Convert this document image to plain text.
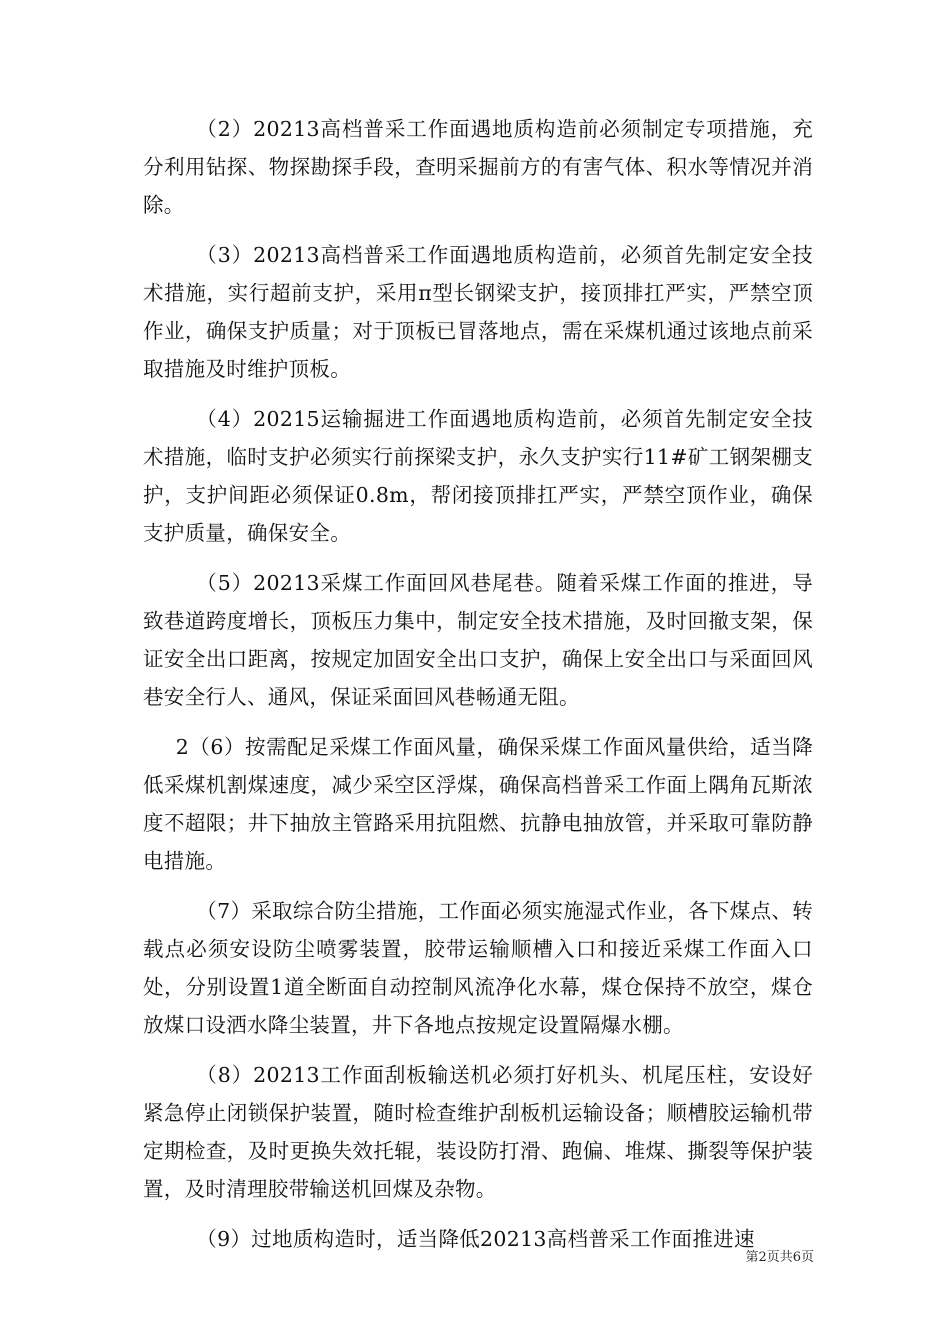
（2）20213高档普采工作面遇地质构造前必须制定专项措施，充分利用钻探、物探勘探手段，查明采掘前方的有害气体、积水等情况并消除。

（3）20213高档普采工作面遇地质构造前，必须首先制定安全技术措施，实行超前支护，采用π型长钢梁支护，接顶排扛严实，严禁空顶作业，确保支护质量；对于顶板已冒落地点，需在采煤机通过该地点前采取措施及时维护顶板。

（4）20215运输掘进工作面遇地质构造前，必须首先制定安全技术措施，临时支护必须实行前探梁支护，永久支护实行11#矿工钢架棚支护，支护间距必须保证0.8m，帮闭接顶排扛严实，严禁空顶作业，确保支护质量，确保安全。

（5）20213采煤工作面回风巷尾巷。随着采煤工作面的推进，导致巷道跨度增长，顶板压力集中，制定安全技术措施，及时回撤支架，保证安全出口距离，按规定加固安全出口支护，确保上安全出口与采面回风巷安全行人、通风，保证采面回风巷畅通无阻。

2（6）按需配足采煤工作面风量，确保采煤工作面风量供给，适当降低采煤机割煤速度，减少采空区浮煤，确保高档普采工作面上隅角瓦斯浓度不超限；井下抽放主管路采用抗阻燃、抗静电抽放管，并采取可靠防静电措施。

（7）采取综合防尘措施，工作面必须实施湿式作业，各下煤点、转载点必须安设防尘喷雾装置，胶带运输顺槽入口和接近采煤工作面入口处，分别设置1道全断面自动控制风流净化水幕，煤仓保持不放空，煤仓放煤口设洒水降尘装置，井下各地点按规定设置隔爆水棚。

（8）20213工作面刮板输送机必须打好机头、机尾压柱，安设好紧急停止闭锁保护装置，随时检查维护刮板机运输设备；顺槽胶运输机带定期检查，及时更换失效托辊，装设防打滑、跑偏、堆煤、撕裂等保护装置，及时清理胶带输送机回煤及杂物。

（9）过地质构造时，适当降低20213高档普采工作面推进速

第2页共6页
